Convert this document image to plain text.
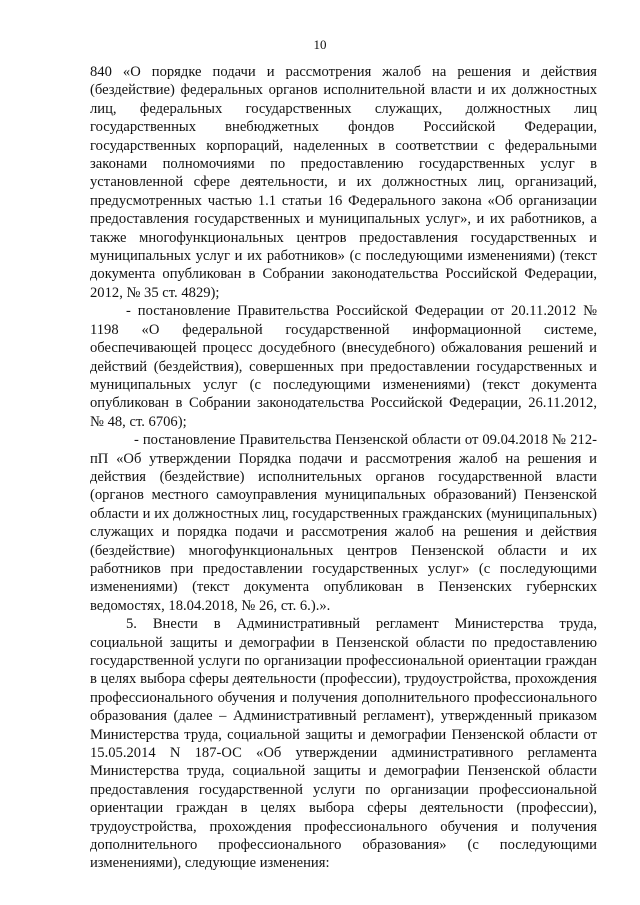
10

840 «О порядке подачи и рассмотрения жалоб на решения и действия (бездействие) федеральных органов исполнительной власти и их должностных лиц, федеральных государственных служащих, должностных лиц государственных внебюджетных фондов Российской Федерации, государственных корпораций, наделенных в соответствии с федеральными законами полномочиями по предоставлению государственных услуг в установленной сфере деятельности, и их должностных лиц, организаций, предусмотренных частью 1.1 статьи 16 Федерального закона «Об организации предоставления государственных и муниципальных услуг», и их работников, а также многофункциональных центров предоставления государственных и муниципальных услуг и их работников» (с последующими изменениями) (текст документа опубликован в Собрании законодательства Российской Федерации, 2012, № 35 ст. 4829);

- постановление Правительства Российской Федерации от 20.11.2012 № 1198 «О федеральной государственной информационной системе, обеспечивающей процесс досудебного (внесудебного) обжалования решений и действий (бездействия), совершенных при предоставлении государственных и муниципальных услуг (с последующими изменениями) (текст документа опубликован в Собрании законодательства Российской Федерации, 26.11.2012, № 48, ст. 6706);

- постановление Правительства Пензенской области от 09.04.2018 № 212-пП «Об утверждении Порядка подачи и рассмотрения жалоб на решения и действия (бездействие) исполнительных органов государственной власти (органов местного самоуправления муниципальных образований) Пензенской области и их должностных лиц, государственных гражданских (муниципальных) служащих и порядка подачи и рассмотрения жалоб на решения и действия (бездействие) многофункциональных центров Пензенской области и их работников при предоставлении государственных услуг» (с последующими изменениями) (текст документа опубликован в Пензенских губернских ведомостях, 18.04.2018, № 26, ст. 6.).».

5. Внести в Административный регламент Министерства труда, социальной защиты и демографии в Пензенской области по предоставлению государственной услуги по организации профессиональной ориентации граждан в целях выбора сферы деятельности (профессии), трудоустройства, прохождения профессионального обучения и получения дополнительного профессионального образования (далее – Административный регламент), утвержденный приказом Министерства труда, социальной защиты и демографии Пензенской области от 15.05.2014 N 187-ОС «Об утверждении административного регламента Министерства труда, социальной защиты и демографии Пензенской области предоставления государственной услуги по организации профессиональной ориентации граждан в целях выбора сферы деятельности (профессии), трудоустройства, прохождения профессионального обучения и получения дополнительного профессионального образования» (с последующими изменениями), следующие изменения:
